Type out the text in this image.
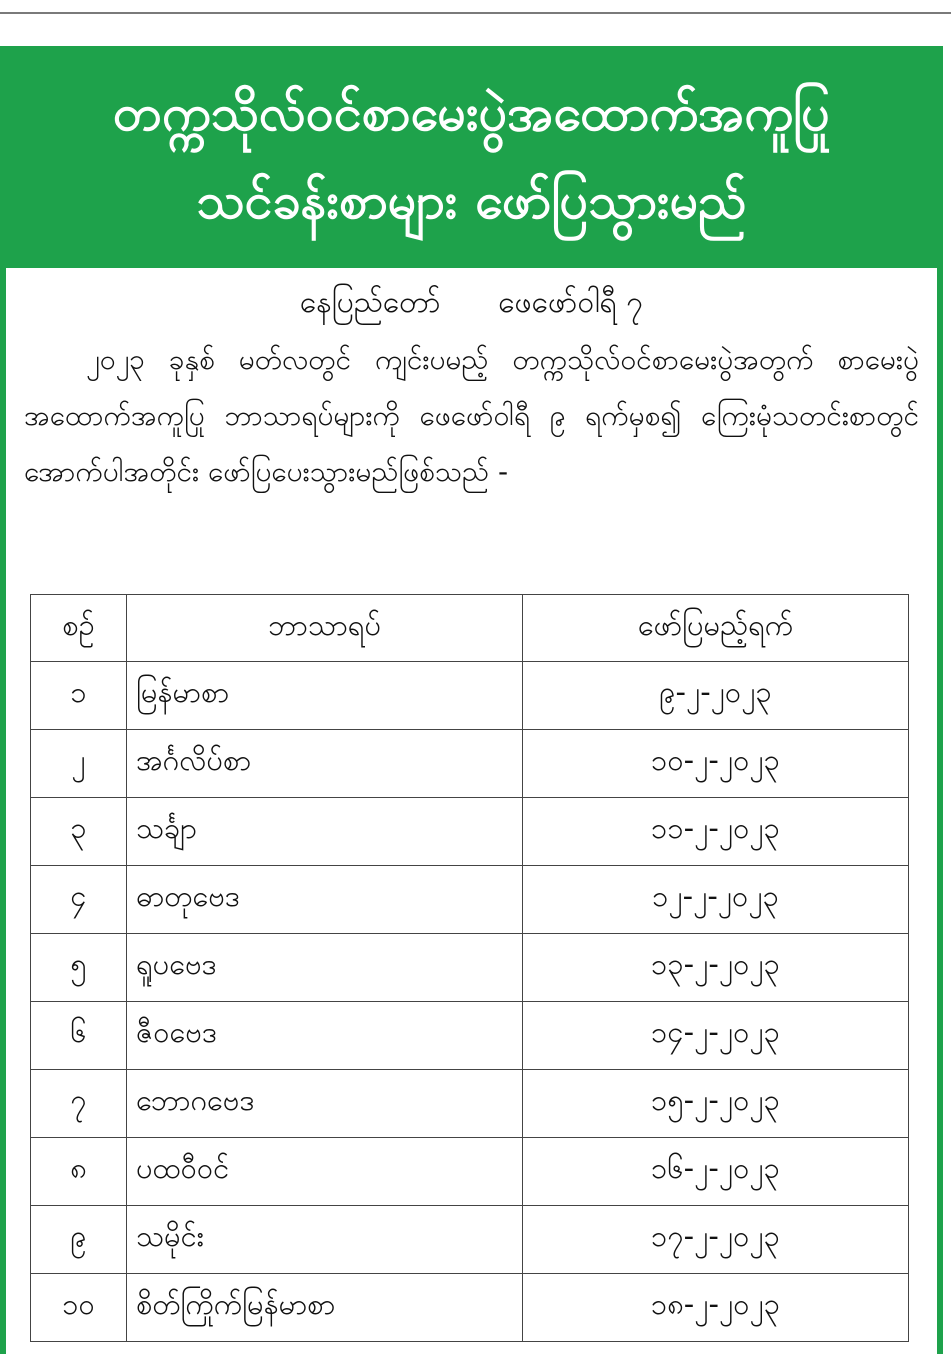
တက္ကသိုလ်ဝင်စာမေးပွဲအထောက်အကူပြု
သင်ခန်းစာများ ဖော်ပြသွားမည်
နေပြည်တော် ဖေဖော်ဝါရီ ၇
၂၀၂၃ ခုနှစ် မတ်လတွင် ကျင်းပမည့် တက္ကသိုလ်ဝင်စာမေးပွဲအတွက် စာမေးပွဲအထောက်အကူပြု ဘာသာရပ်များကို ဖေဖော်ဝါရီ ၉ ရက်မှစ၍ ကြေးမုံသတင်းစာတွင် အောက်ပါအတိုင်း ဖော်ပြပေးသွားမည်ဖြစ်သည် -
စဉ်	ဘာသာရပ်	ဖော်ပြမည့်ရက်
၁	မြန်မာစာ	၉-၂-၂၀၂၃
၂	အင်္ဂလိပ်စာ	၁၀-၂-၂၀၂၃
၃	သင်္ချာ	၁၁-၂-၂၀၂၃
၄	ဓာတုဗေဒ	၁၂-၂-၂၀၂၃
၅	ရူပဗေဒ	၁၃-၂-၂၀၂၃
၆	ဇီဝဗေဒ	၁၄-၂-၂၀၂၃
၇	ဘောဂဗေဒ	၁၅-၂-၂၀၂၃
၈	ပထဝီဝင်	၁၆-၂-၂၀၂၃
၉	သမိုင်း	၁၇-၂-၂၀၂၃
၁၀	စိတ်ကြိုက်မြန်မာစာ	၁၈-၂-၂၀၂၃
